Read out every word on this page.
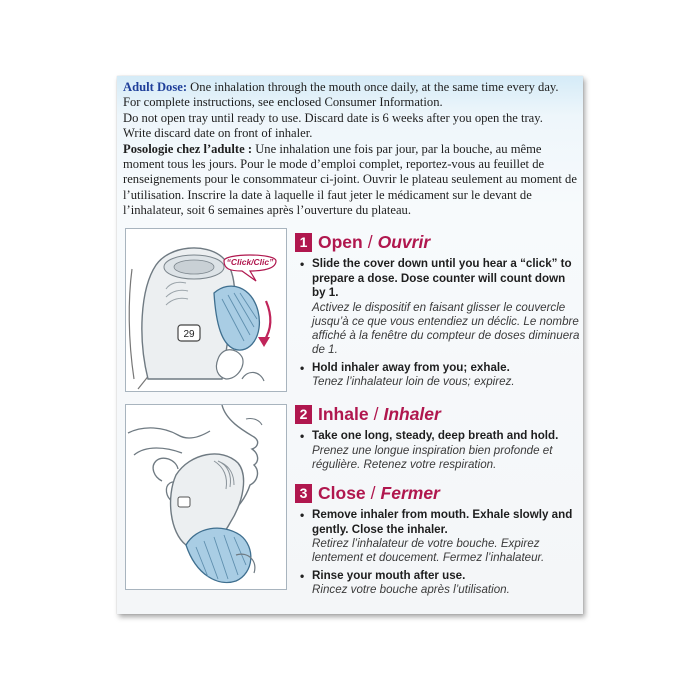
Adult Dose: One inhalation through the mouth once daily, at the same time every day. For complete instructions, see enclosed Consumer Information.

Do not open tray until ready to use. Discard date is 6 weeks after you open the tray.

Write discard date on front of inhaler.

Posologie chez l’adulte : Une inhalation une fois par jour, par la bouche, au même moment tous les jours. Pour le mode d’emploi complet, reportez-vous au feuillet de renseignements pour le consommateur ci-joint. Ouvrir le plateau seulement au moment de l’utilisation. Inscrire la date à laquelle il faut jeter le médicament sur le devant de l’inhalateur, soit 6 semaines après l’ouverture du plateau.

29
“Click/Clic”
1 Open / Ouvrir
• Slide the cover down until you hear a “click” to prepare a dose. Dose counter will count down by 1.
Activez le dispositif en faisant glisser le couvercle jusqu’à ce que vous entendiez un déclic. Le nombre affiché à la fenêtre du compteur de doses diminuera de 1.
• Hold inhaler away from you; exhale.
Tenez l’inhalateur loin de vous; expirez.
2 Inhale / Inhaler
• Take one long, steady, deep breath and hold.
Prenez une longue inspiration bien profonde et régulière. Retenez votre respiration.
3 Close / Fermer
• Remove inhaler from mouth. Exhale slowly and gently. Close the inhaler.
Retirez l’inhalateur de votre bouche. Expirez lentement et doucement. Fermez l’inhalateur.
• Rinse your mouth after use.
Rincez votre bouche après l’utilisation.
